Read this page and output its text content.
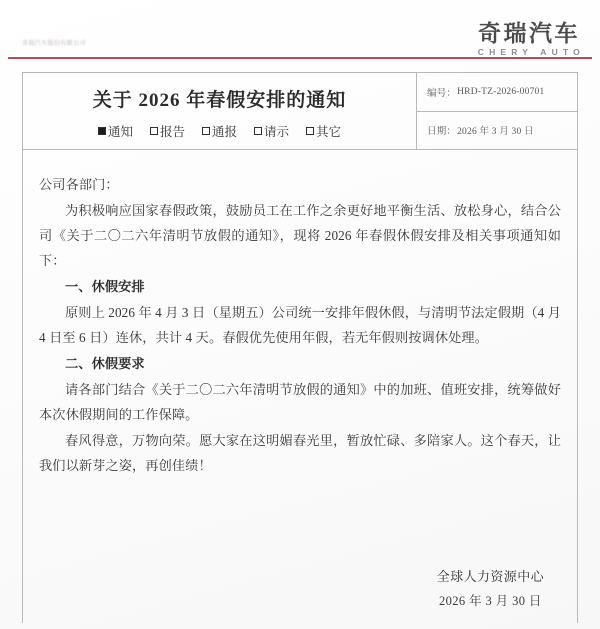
奇瑞汽车股份有限公司	奇瑞汽车
CHERY AUTO
关于 2026 年春假安排的通知
通知 报告 通报 请示 其它
编号： HRD-TZ-2026-00701
日期： 2026 年 3 月 30 日

公司各部门：

为积极响应国家春假政策，鼓励员工在工作之余更好地平衡生活、放松身心，结合公司《关于二〇二六年清明节放假的通知》，现将 2026 年春假休假安排及相关事项通知如下：

一、休假安排

原则上 2026 年 4 月 3 日（星期五）公司统一安排年假休假，与清明节法定假期（4 月 4 日至 6 日）连休，共计 4 天。春假优先使用年假，若无年假则按调休处理。

二、休假要求

请各部门结合《关于二〇二六年清明节放假的通知》中的加班、值班安排，统筹做好本次休假期间的工作保障。

春风得意，万物向荣。愿大家在这明媚春光里，暂放忙碌、多陪家人。这个春天，让我们以新芽之姿，再创佳绩！

全球人力资源中心
2026 年 3 月 30 日
